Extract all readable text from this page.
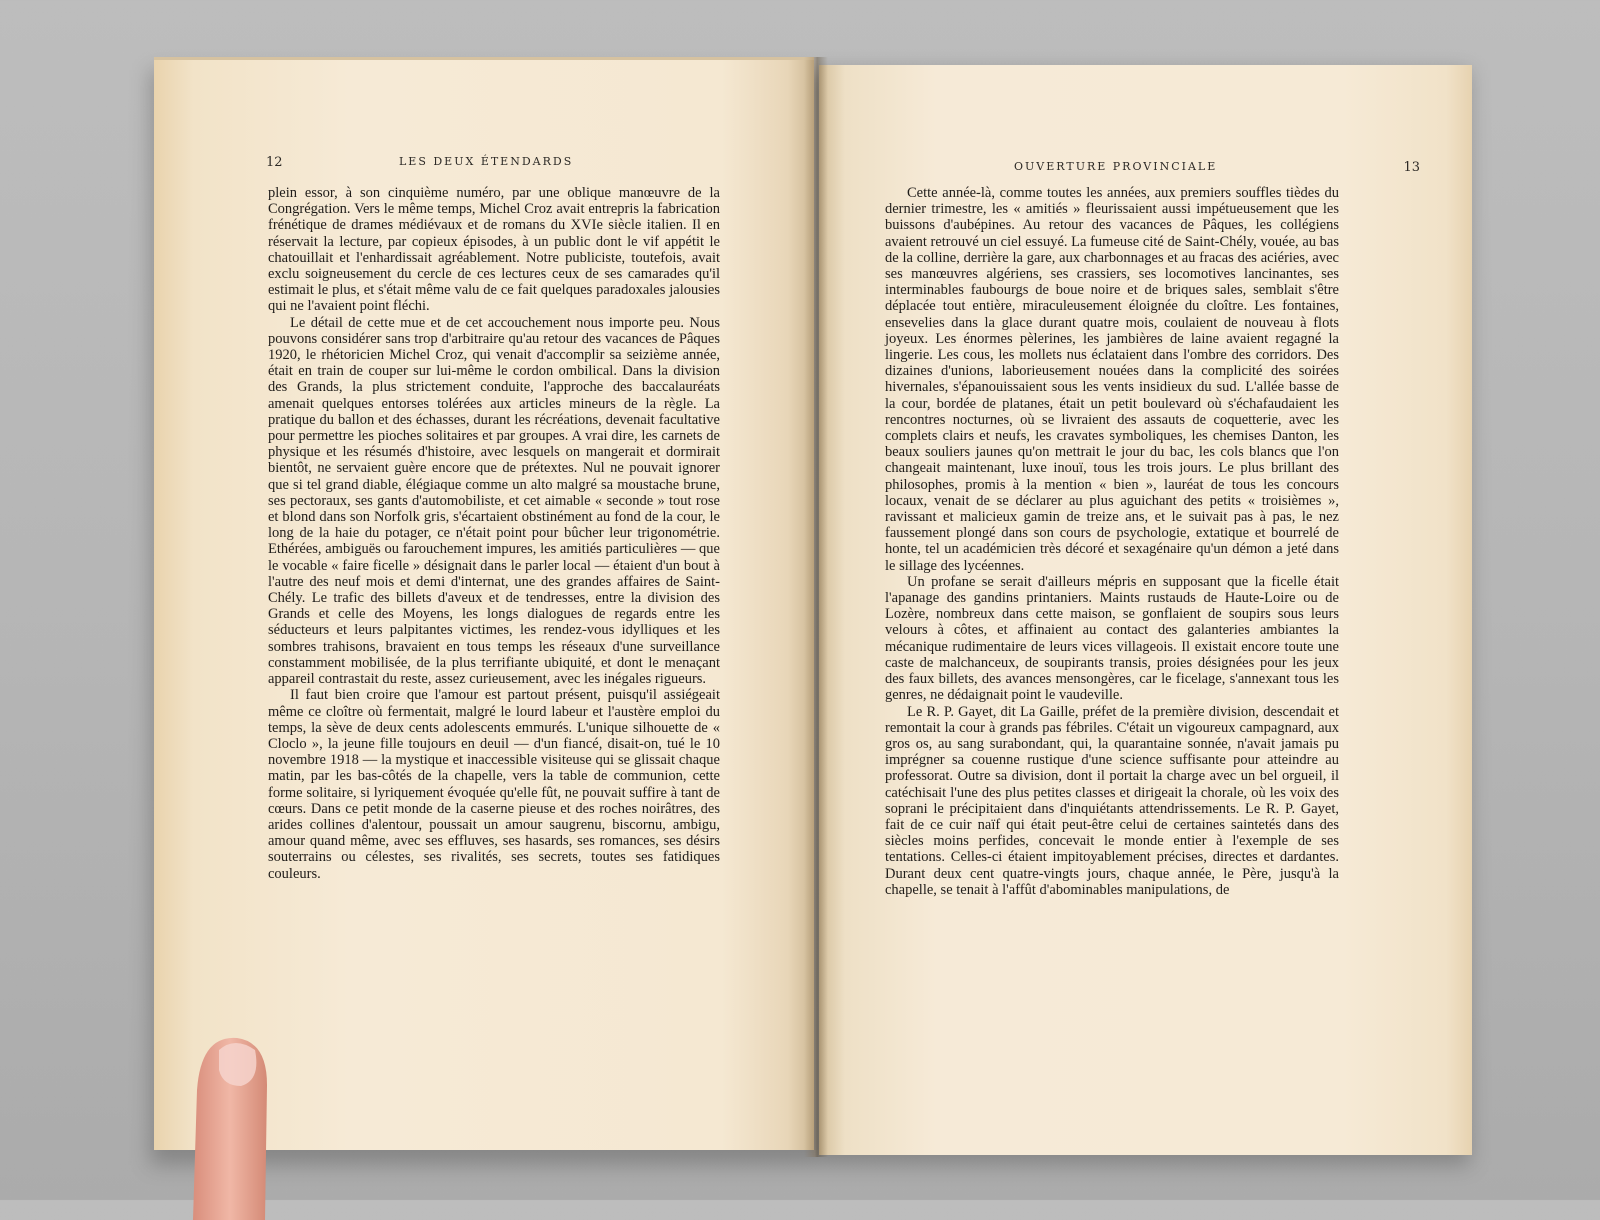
12	LES DEUX ÉTENDARDS

plein essor, à son cinquième numéro, par une oblique manœuvre de la Congrégation. Vers le même temps, Michel Croz avait entrepris la fabrication frénétique de drames médiévaux et de romans du XVIe siècle italien. Il en réservait la lecture, par copieux épisodes, à un public dont le vif appétit le chatouillait et l'enhardissait agréablement. Notre publiciste, toutefois, avait exclu soigneusement du cercle de ces lectures ceux de ses camarades qu'il estimait le plus, et s'était même valu de ce fait quelques paradoxales jalousies qui ne l'avaient point fléchi.

Le détail de cette mue et de cet accouchement nous importe peu. Nous pouvons considérer sans trop d'arbitraire qu'au retour des vacances de Pâques 1920, le rhétoricien Michel Croz, qui venait d'accomplir sa seizième année, était en train de couper sur lui-même le cordon ombilical. Dans la division des Grands, la plus strictement conduite, l'approche des baccalauréats amenait quelques entorses tolérées aux articles mineurs de la règle. La pratique du ballon et des échasses, durant les récréations, devenait facultative pour permettre les pioches solitaires et par groupes. A vrai dire, les carnets de physique et les résumés d'histoire, avec lesquels on mangerait et dormirait bientôt, ne servaient guère encore que de prétextes. Nul ne pouvait ignorer que si tel grand diable, élégiaque comme un alto malgré sa moustache brune, ses pectoraux, ses gants d'automobiliste, et cet aimable « seconde » tout rose et blond dans son Norfolk gris, s'écartaient obstinément au fond de la cour, le long de la haie du potager, ce n'était point pour bûcher leur trigonométrie. Ethérées, ambiguës ou farouchement impures, les amitiés particulières — que le vocable « faire ficelle » désignait dans le parler local — étaient d'un bout à l'autre des neuf mois et demi d'internat, une des grandes affaires de Saint-Chély. Le trafic des billets d'aveux et de tendresses, entre la division des Grands et celle des Moyens, les longs dialogues de regards entre les séducteurs et leurs palpitantes victimes, les rendez-vous idylliques et les sombres trahisons, bravaient en tous temps les réseaux d'une surveillance constamment mobilisée, de la plus terrifiante ubiquité, et dont le menaçant appareil contrastait du reste, assez curieusement, avec les inégales rigueurs.

Il faut bien croire que l'amour est partout présent, puisqu'il assiégeait même ce cloître où fermentait, malgré le lourd labeur et l'austère emploi du temps, la sève de deux cents adolescents emmurés. L'unique silhouette de « Cloclo », la jeune fille toujours en deuil — d'un fiancé, disait-on, tué le 10 novembre 1918 — la mystique et inaccessible visiteuse qui se glissait chaque matin, par les bas-côtés de la chapelle, vers la table de communion, cette forme solitaire, si lyriquement évoquée qu'elle fût, ne pouvait suffire à tant de cœurs. Dans ce petit monde de la caserne pieuse et des roches noirâtres, des arides collines d'alentour, poussait un amour saugrenu, biscornu, ambigu, amour quand même, avec ses effluves, ses hasards, ses romances, ses désirs souterrains ou célestes, ses rivalités, ses secrets, toutes ses fatidiques couleurs.

OUVERTURE PROVINCIALE	13

Cette année-là, comme toutes les années, aux premiers souffles tièdes du dernier trimestre, les « amitiés » fleurissaient aussi impétueusement que les buissons d'aubépines. Au retour des vacances de Pâques, les collégiens avaient retrouvé un ciel essuyé. La fumeuse cité de Saint-Chély, vouée, au bas de la colline, derrière la gare, aux charbonnages et au fracas des aciéries, avec ses manœuvres algériens, ses crassiers, ses locomotives lancinantes, ses interminables faubourgs de boue noire et de briques sales, semblait s'être déplacée tout entière, miraculeusement éloignée du cloître. Les fontaines, ensevelies dans la glace durant quatre mois, coulaient de nouveau à flots joyeux. Les énormes pèlerines, les jambières de laine avaient regagné la lingerie. Les cous, les mollets nus éclataient dans l'ombre des corridors. Des dizaines d'unions, laborieusement nouées dans la complicité des soirées hivernales, s'épanouissaient sous les vents insidieux du sud. L'allée basse de la cour, bordée de platanes, était un petit boulevard où s'échafaudaient les rencontres nocturnes, où se livraient des assauts de coquetterie, avec les complets clairs et neufs, les cravates symboliques, les chemises Danton, les beaux souliers jaunes qu'on mettrait le jour du bac, les cols blancs que l'on changeait maintenant, luxe inouï, tous les trois jours. Le plus brillant des philosophes, promis à la mention « bien », lauréat de tous les concours locaux, venait de se déclarer au plus aguichant des petits « troisièmes », ravissant et malicieux gamin de treize ans, et le suivait pas à pas, le nez faussement plongé dans son cours de psychologie, extatique et bourrelé de honte, tel un académicien très décoré et sexagénaire qu'un démon a jeté dans le sillage des lycéennes.

Un profane se serait d'ailleurs mépris en supposant que la ficelle était l'apanage des gandins printaniers. Maints rustauds de Haute-Loire ou de Lozère, nombreux dans cette maison, se gonflaient de soupirs sous leurs velours à côtes, et affinaient au contact des galanteries ambiantes la mécanique rudimentaire de leurs vices villageois. Il existait encore toute une caste de malchanceux, de soupirants transis, proies désignées pour les jeux des faux billets, des avances mensongères, car le ficelage, s'annexant tous les genres, ne dédaignait point le vaudeville.

Le R. P. Gayet, dit La Gaille, préfet de la première division, descendait et remontait la cour à grands pas fébriles. C'était un vigoureux campagnard, aux gros os, au sang surabondant, qui, la quarantaine sonnée, n'avait jamais pu imprégner sa couenne rustique d'une science suffisante pour atteindre au professorat. Outre sa division, dont il portait la charge avec un bel orgueil, il catéchisait l'une des plus petites classes et dirigeait la chorale, où les voix des soprani le précipitaient dans d'inquiétants attendrissements. Le R. P. Gayet, fait de ce cuir naïf qui était peut-être celui de certaines saintetés dans des siècles moins perfides, concevait le monde entier à l'exemple de ses tentations. Celles-ci étaient impitoyablement précises, directes et dardantes. Durant deux cent quatre-vingts jours, chaque année, le Père, jusqu'à la chapelle, se tenait à l'affût d'abominables manipulations, de
